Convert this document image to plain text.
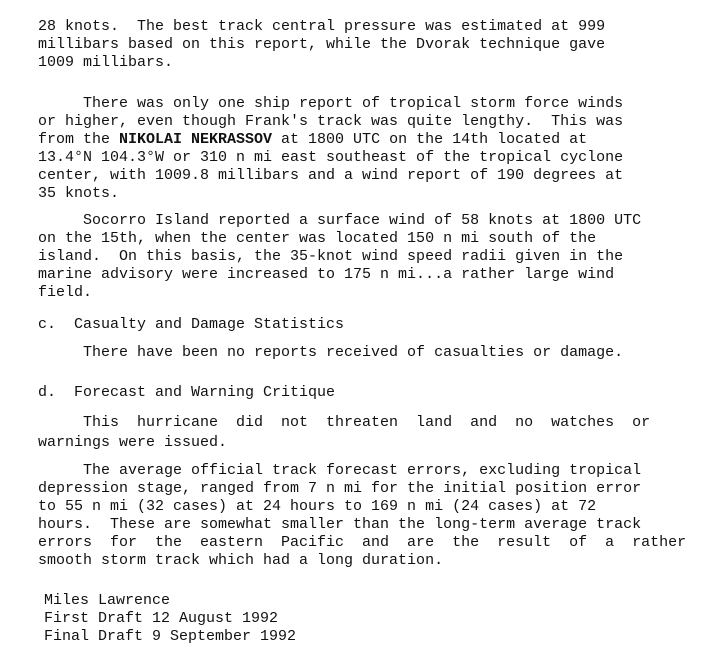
28 knots.  The best track central pressure was estimated at 999

millibars based on this report, while the Dvorak technique gave

1009 millibars.

There was only one ship report of tropical storm force winds

or higher, even though Frank's track was quite lengthy.  This was

from the NIKOLAI NEKRASSOV at 1800 UTC on the 14th located at

13.4°N 104.3°W or 310 n mi east southeast of the tropical cyclone

center, with 1009.8 millibars and a wind report of 190 degrees at

35 knots.

Socorro Island reported a surface wind of 58 knots at 1800 UTC

on the 15th, when the center was located 150 n mi south of the

island.  On this basis, the 35-knot wind speed radii given in the

marine advisory were increased to 175 n mi...a rather large wind

field.

c.  Casualty and Damage Statistics

There have been no reports received of casualties or damage.

d.  Forecast and Warning Critique

This  hurricane  did  not  threaten  land  and  no  watches  or

warnings were issued.

The average official track forecast errors, excluding tropical

depression stage, ranged from 7 n mi for the initial position error

to 55 n mi (32 cases) at 24 hours to 169 n mi (24 cases) at 72

hours.  These are somewhat smaller than the long-term average track

errors  for  the  eastern  Pacific  and  are  the  result  of  a  rather

smooth storm track which had a long duration.

Miles Lawrence

First Draft 12 August 1992

Final Draft 9 September 1992
